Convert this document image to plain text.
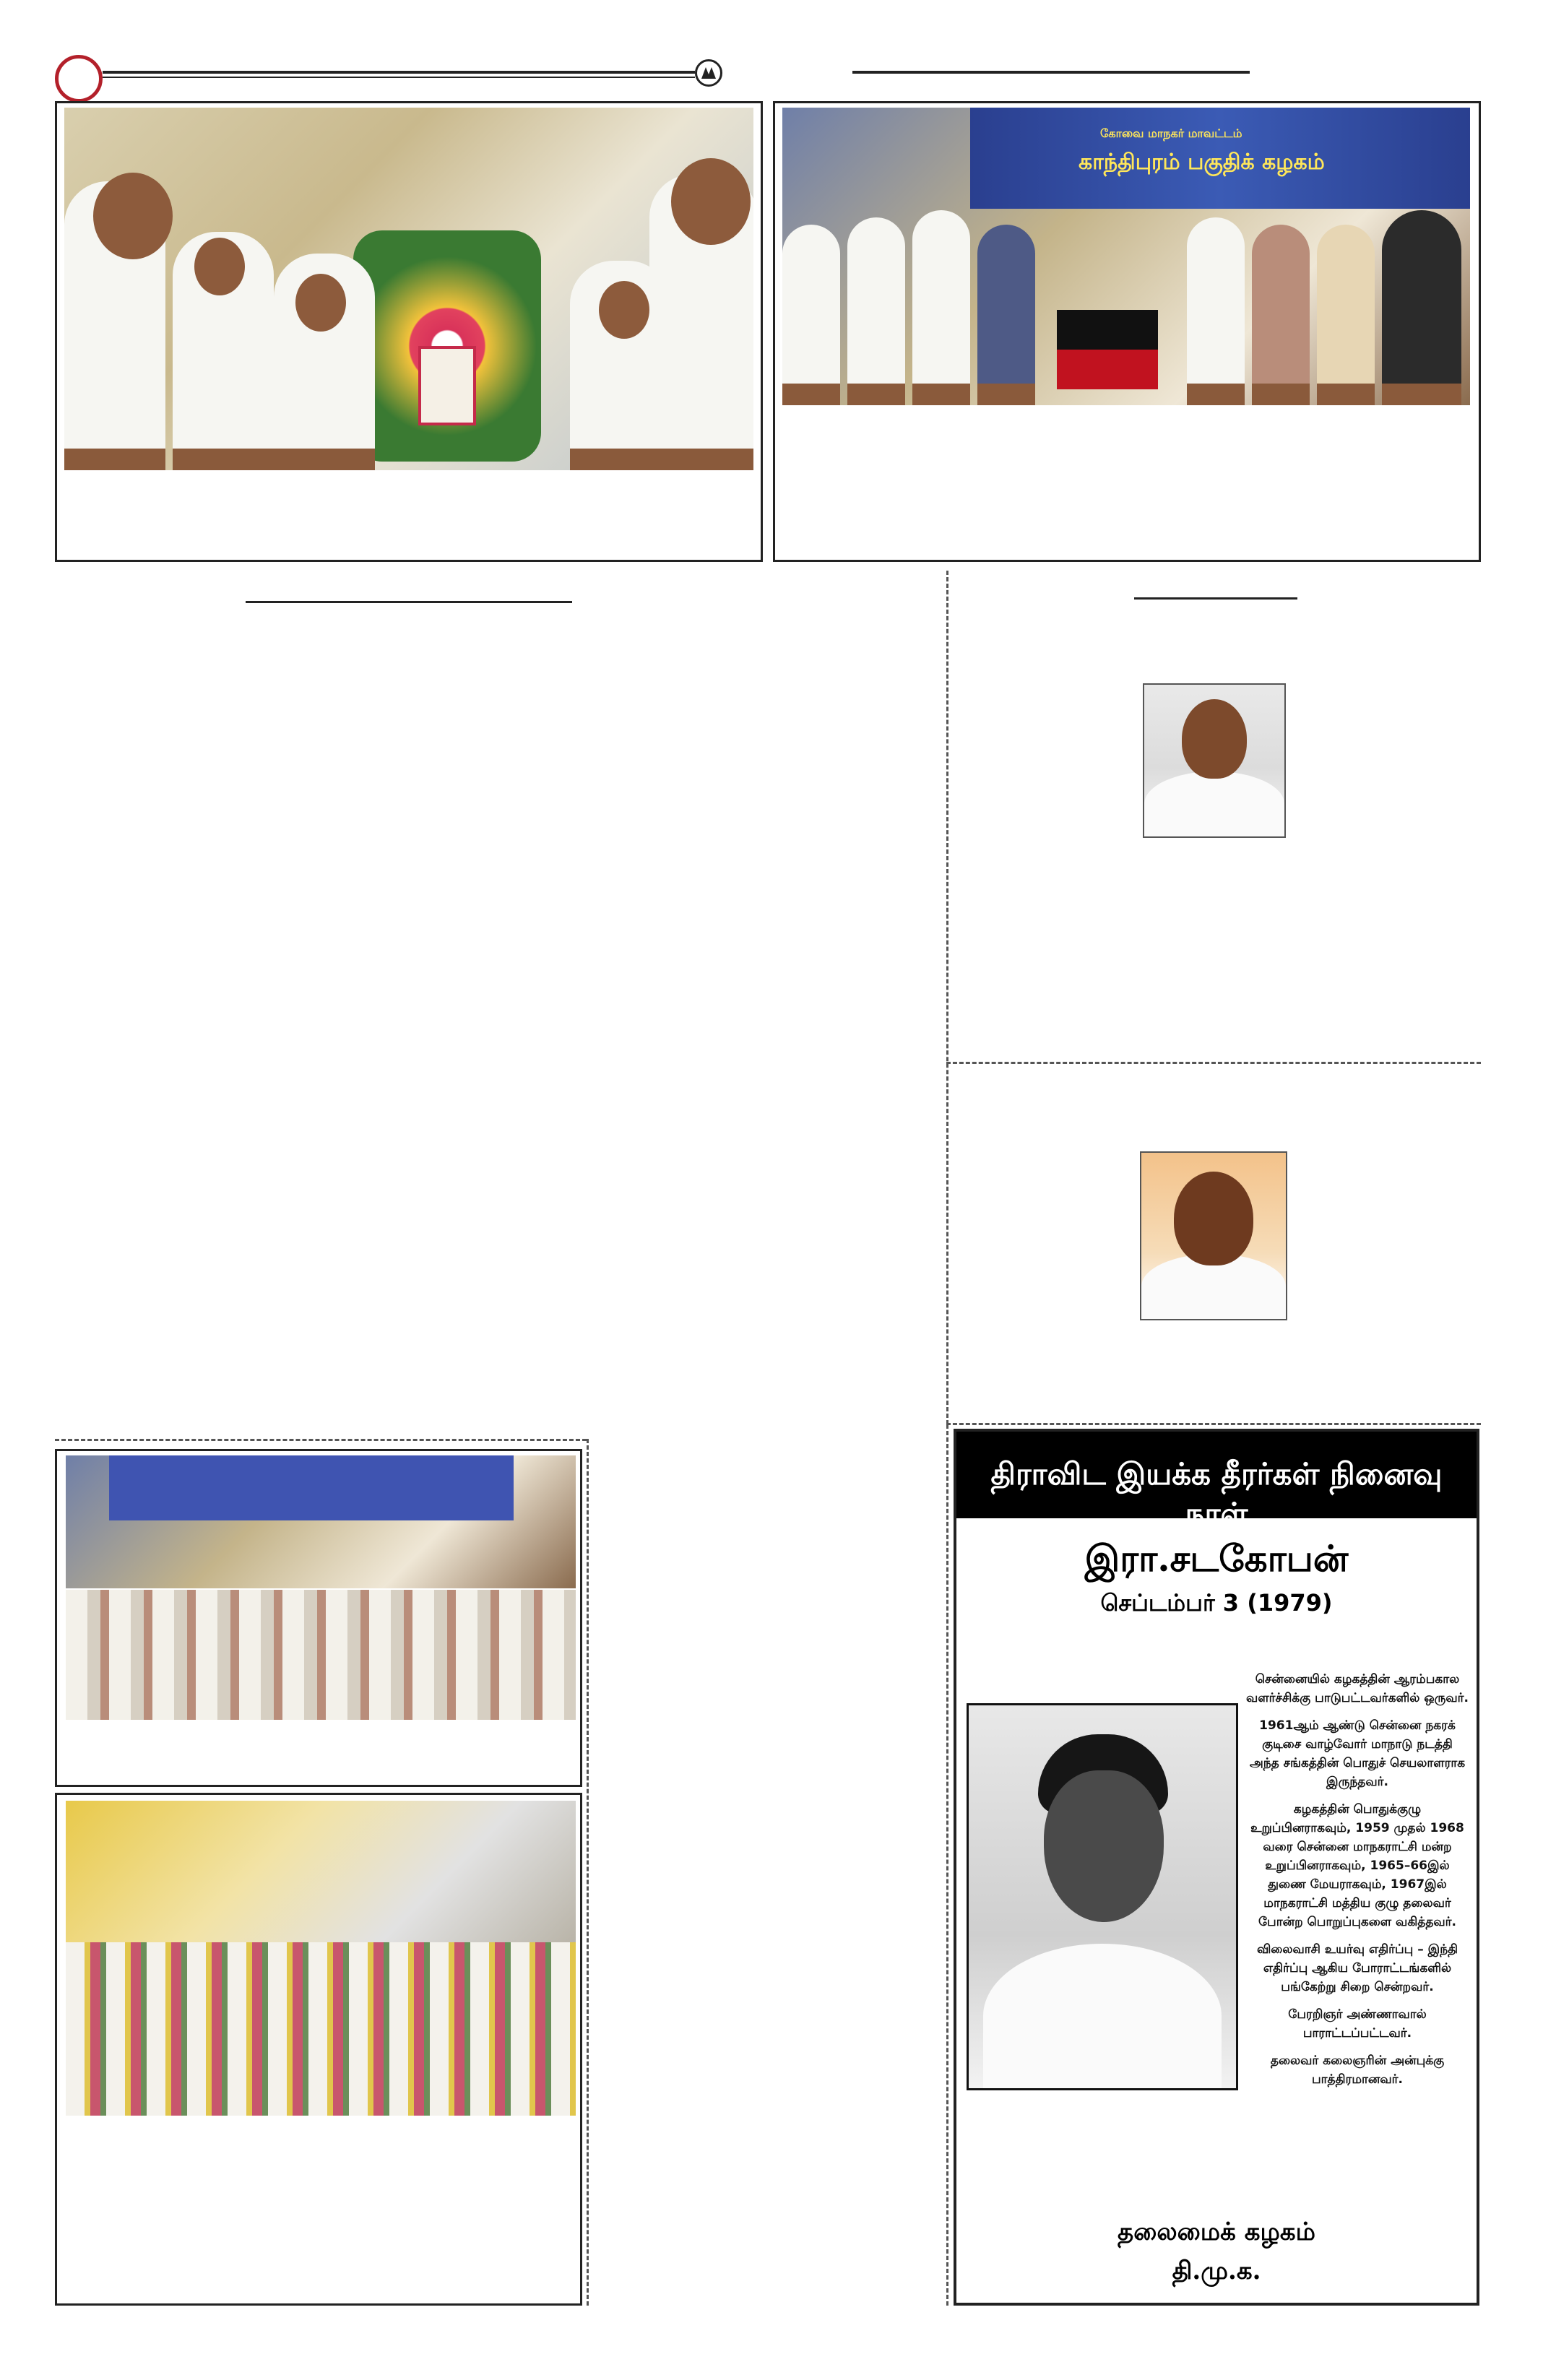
கோவை மாநகர் மாவட்டம்
காந்திபுரம் பகுதிக் கழகம்
திராவிட இயக்க தீரர்கள் நினைவு நாள்
இரா.சடகோபன்
செப்டம்பர் 3 (1979)

சென்னையில் கழகத்தின் ஆரம்பகால வளர்ச்சிக்கு பாடுபட்டவர்களில் ஒருவர்.

1961ஆம் ஆண்டு சென்னை நகரக் குடிசை வாழ்வோர் மாநாடு நடத்தி அந்த சங்கத்தின் பொதுச் செயலாளராக இருந்தவர்.

கழகத்தின் பொதுக்குழு உறுப்பினராகவும், 1959 முதல் 1968 வரை சென்னை மாநகராட்சி மன்ற உறுப்பினராகவும், 1965–66இல் துணை மேயராகவும், 1967இல் மாநகராட்சி மத்திய குழு தலைவர் போன்ற பொறுப்புகளை வகித்தவர்.

விலைவாசி உயர்வு எதிர்ப்பு – இந்தி எதிர்ப்பு ஆகிய போராட்டங்களில் பங்கேற்று சிறை சென்றவர்.

பேரறிஞர் அண்ணாவால் பாராட்டப்பட்டவர்.

தலைவர் கலைஞரின் அன்புக்கு பாத்திரமானவர்.

தலைமைக் கழகம்
தி.மு.க.
